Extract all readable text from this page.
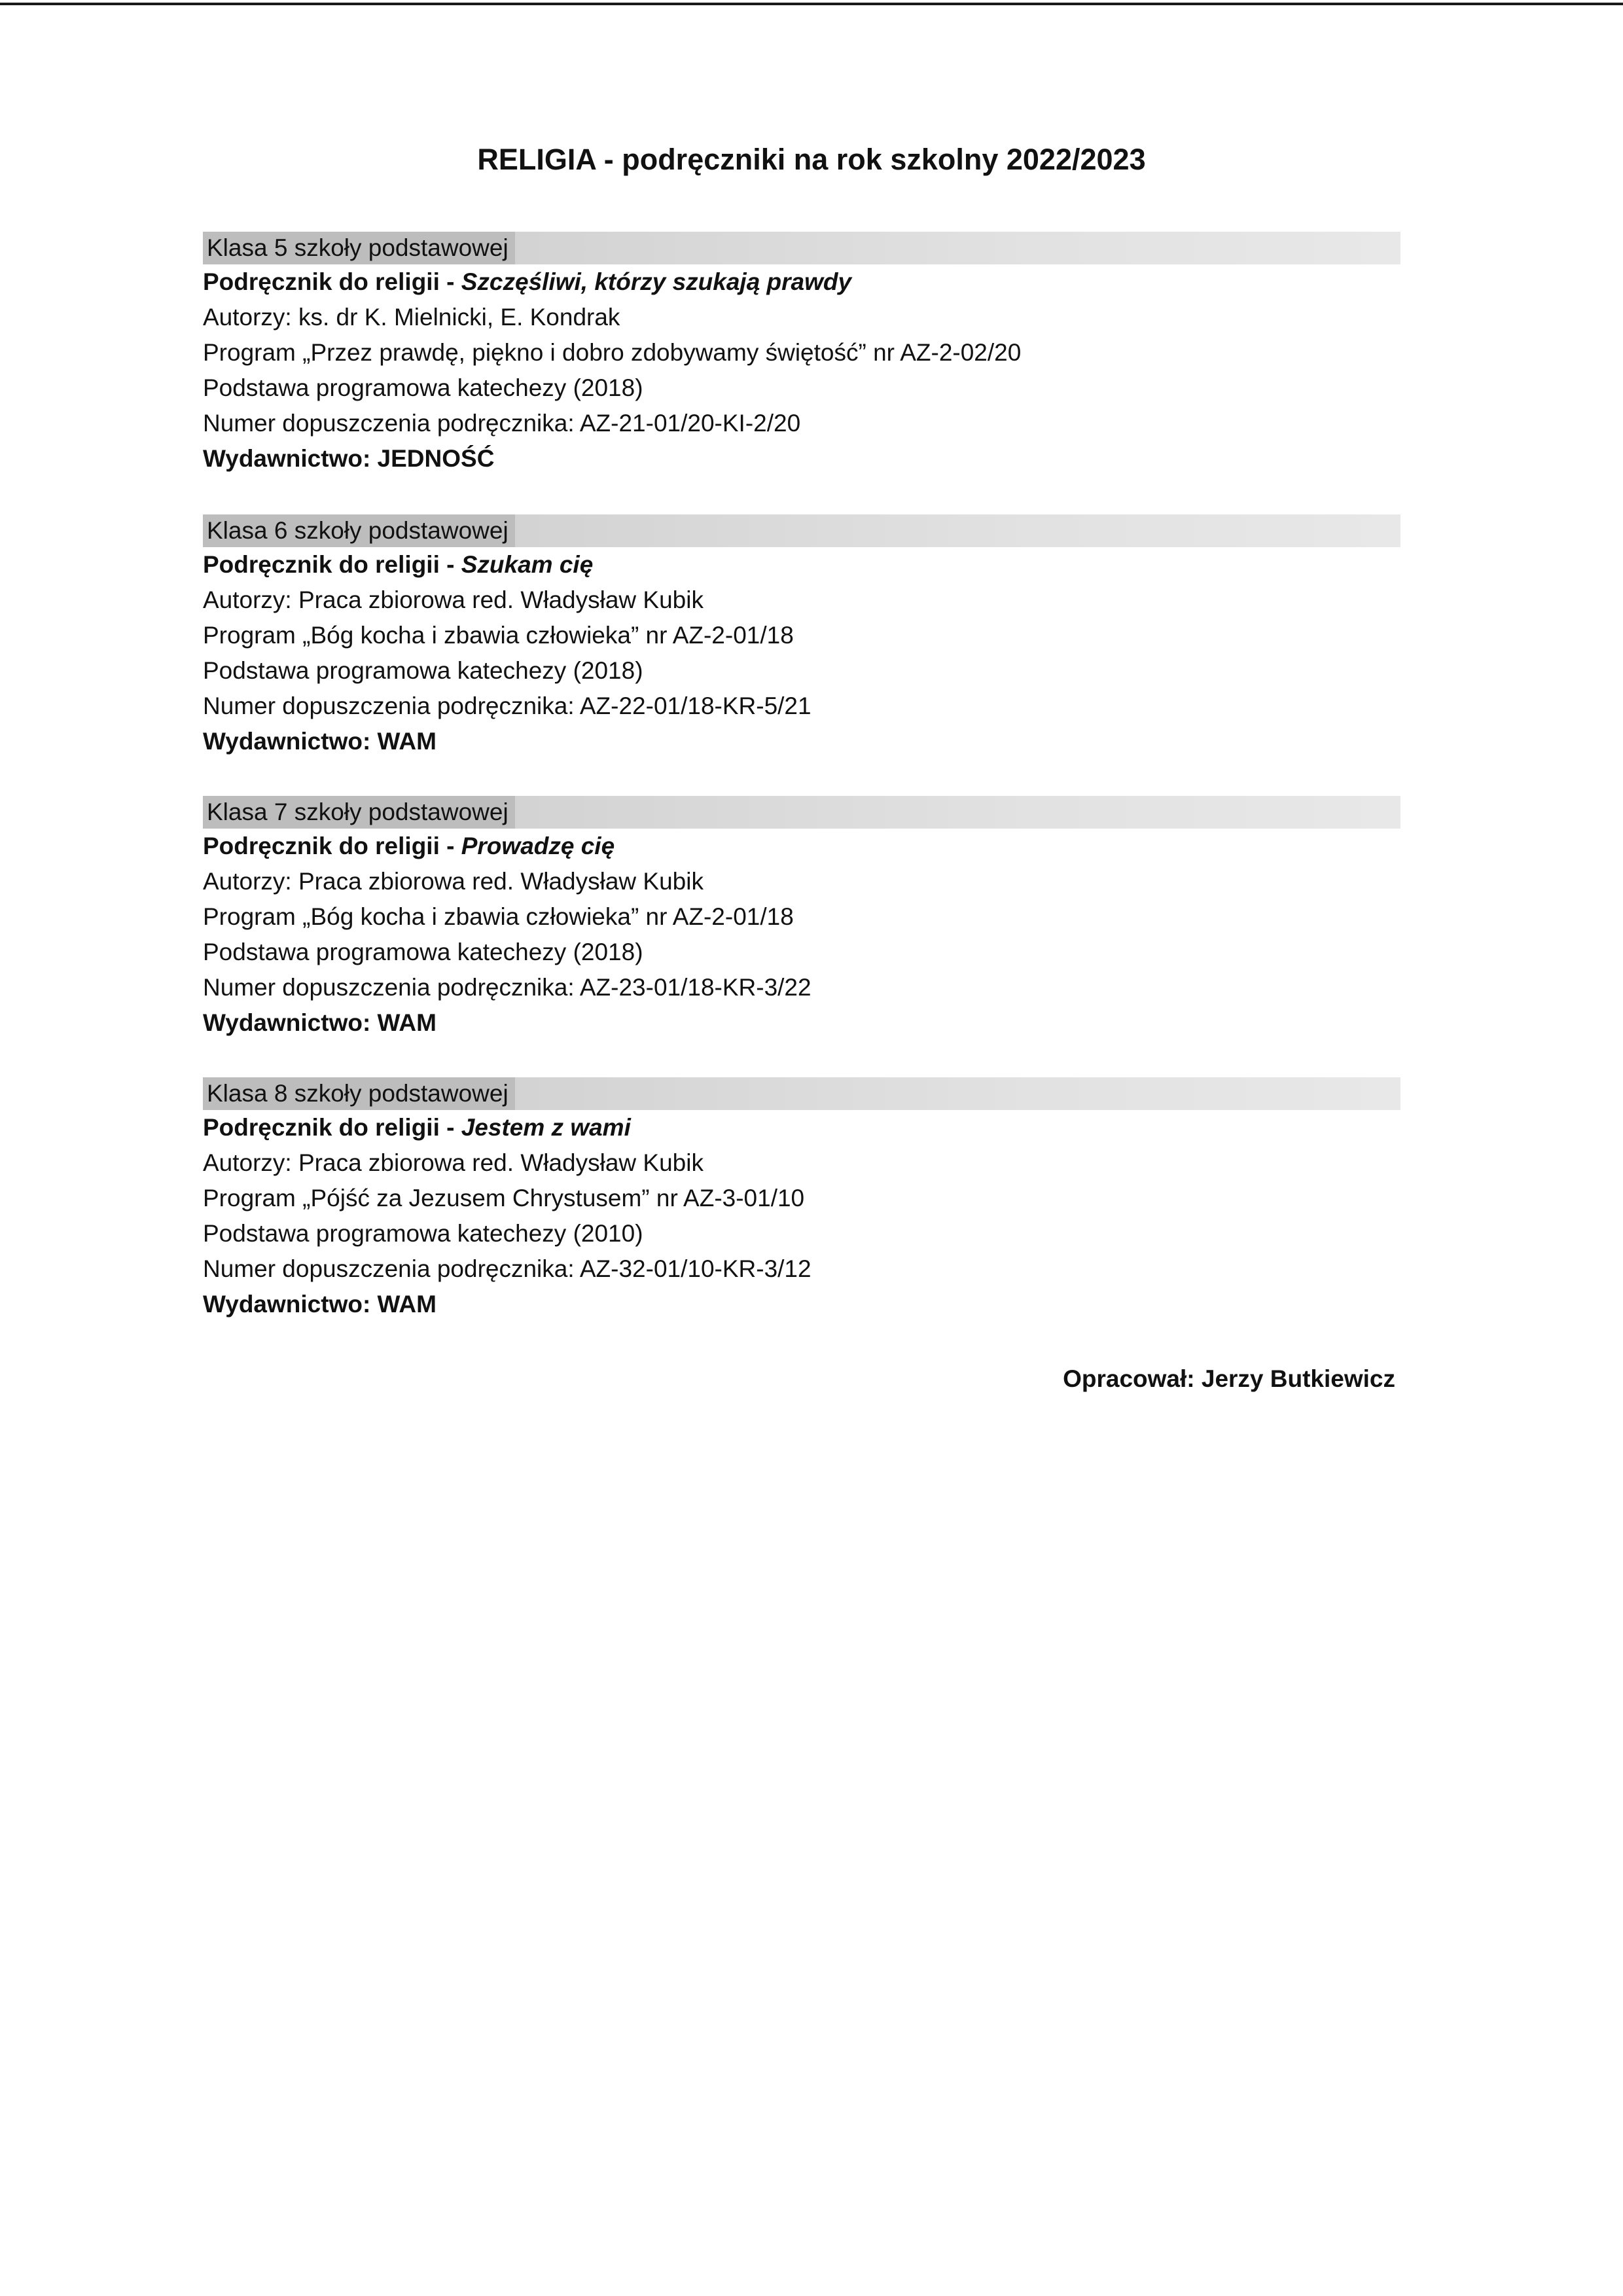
RELIGIA - podręczniki na rok szkolny 2022/2023
Klasa 5 szkoły podstawowej
Podręcznik do religii - Szczęśliwi, którzy szukają prawdy
Autorzy: ks. dr K. Mielnicki, E. Kondrak
Program „Przez prawdę, piękno i dobro zdobywamy świętość” nr AZ-2-02/20
Podstawa programowa katechezy (2018)
Numer dopuszczenia podręcznika: AZ-21-01/20-KI-2/20
Wydawnictwo: JEDNOŚĆ
Klasa 6 szkoły podstawowej
Podręcznik do religii - Szukam cię
Autorzy: Praca zbiorowa red. Władysław Kubik
Program „Bóg kocha i zbawia człowieka” nr AZ-2-01/18
Podstawa programowa katechezy (2018)
Numer dopuszczenia podręcznika: AZ-22-01/18-KR-5/21
Wydawnictwo: WAM
Klasa 7 szkoły podstawowej
Podręcznik do religii - Prowadzę cię
Autorzy: Praca zbiorowa red. Władysław Kubik
Program „Bóg kocha i zbawia człowieka” nr AZ-2-01/18
Podstawa programowa katechezy (2018)
Numer dopuszczenia podręcznika: AZ-23-01/18-KR-3/22
Wydawnictwo: WAM
Klasa 8 szkoły podstawowej
Podręcznik do religii - Jestem z wami
Autorzy: Praca zbiorowa red. Władysław Kubik
Program „Pójść za Jezusem Chrystusem” nr AZ-3-01/10
Podstawa programowa katechezy (2010)
Numer dopuszczenia podręcznika: AZ-32-01/10-KR-3/12
Wydawnictwo: WAM
Opracował: Jerzy Butkiewicz
